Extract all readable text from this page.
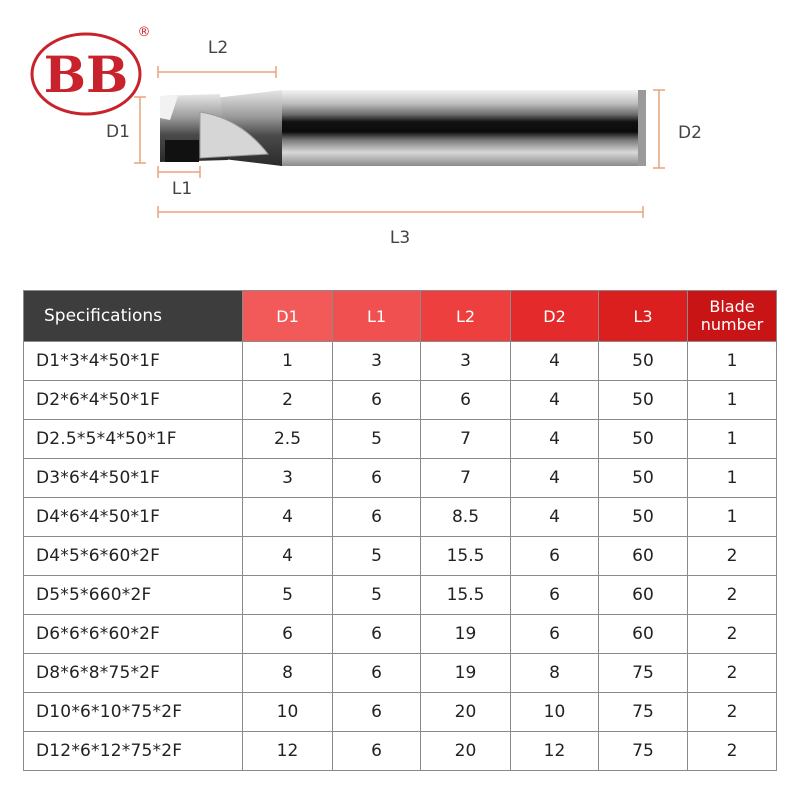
BB
®
L2
D1	D2
L1
L3
Specifications	D1	L1	L2	D2	L3	Blade
number
D1*3*4*50*1F	1	3	3	4	50	1
D2*6*4*50*1F	2	6	6	4	50	1
D2.5*5*4*50*1F	2.5	5	7	4	50	1
D3*6*4*50*1F	3	6	7	4	50	1
D4*6*4*50*1F	4	6	8.5	4	50	1
D4*5*6*60*2F	4	5	15.5	6	60	2
D5*5*660*2F	5	5	15.5	6	60	2
D6*6*6*60*2F	6	6	19	6	60	2
D8*6*8*75*2F	8	6	19	8	75	2
D10*6*10*75*2F	10	6	20	10	75	2
D12*6*12*75*2F	12	6	20	12	75	2
